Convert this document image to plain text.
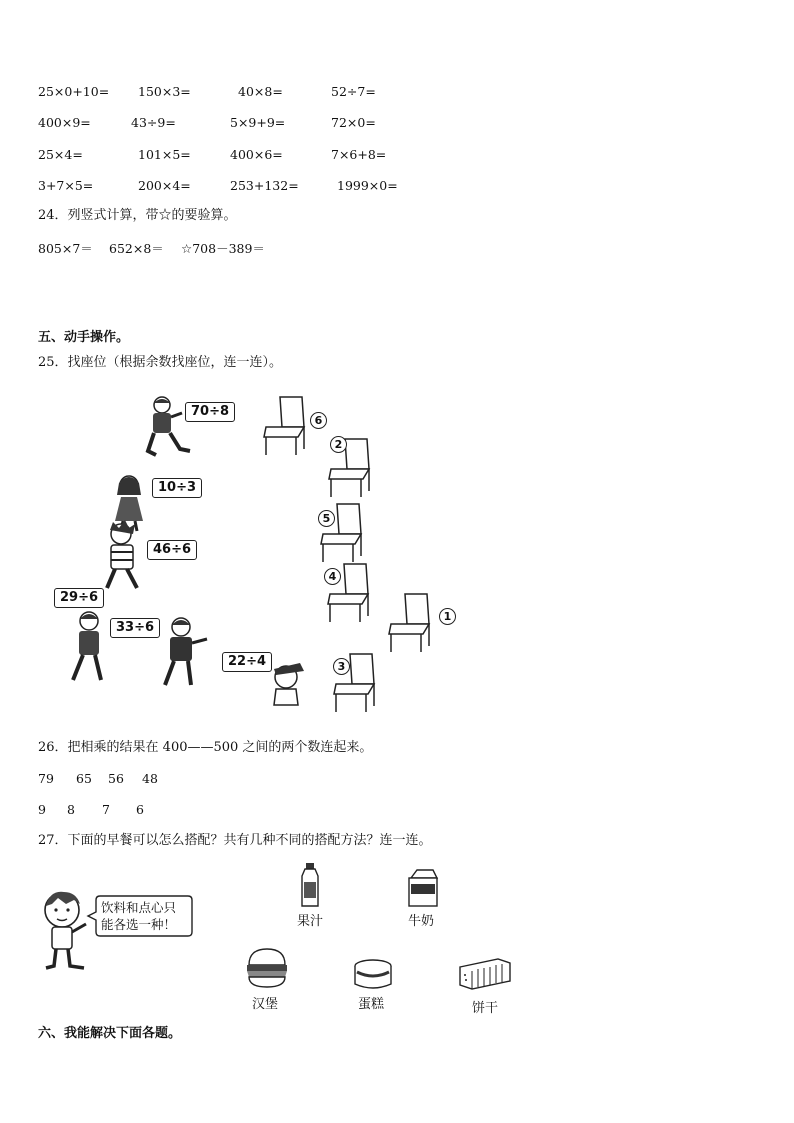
25×0+10= 150×3=	40×8=	52÷7=
400×9=	43÷9=	5×9+9=	72×0=
25×4=	101×5=	400×6=	7×6+8=
3+7×5=	200×4=	253+132=	1999×0=
24．列竖式计算，带☆的要验算。
805×7＝ 652×8＝ ☆708－389＝
五、动手操作。
25．找座位（根据余数找座位，连一连）。
70÷8
10÷3
46÷6
29÷6
33÷6
22÷4
6
2
5
4
1
3
26．把相乘的结果在 400——500 之间的两个数连起来。
79 65 56 48
9 8 7 6
27．下面的早餐可以怎么搭配？共有几种不同的搭配方法？连一连。
饮料和点心只
能各选一种！	果汁	牛奶
汉堡	蛋糕	饼干
六、我能解决下面各题。
